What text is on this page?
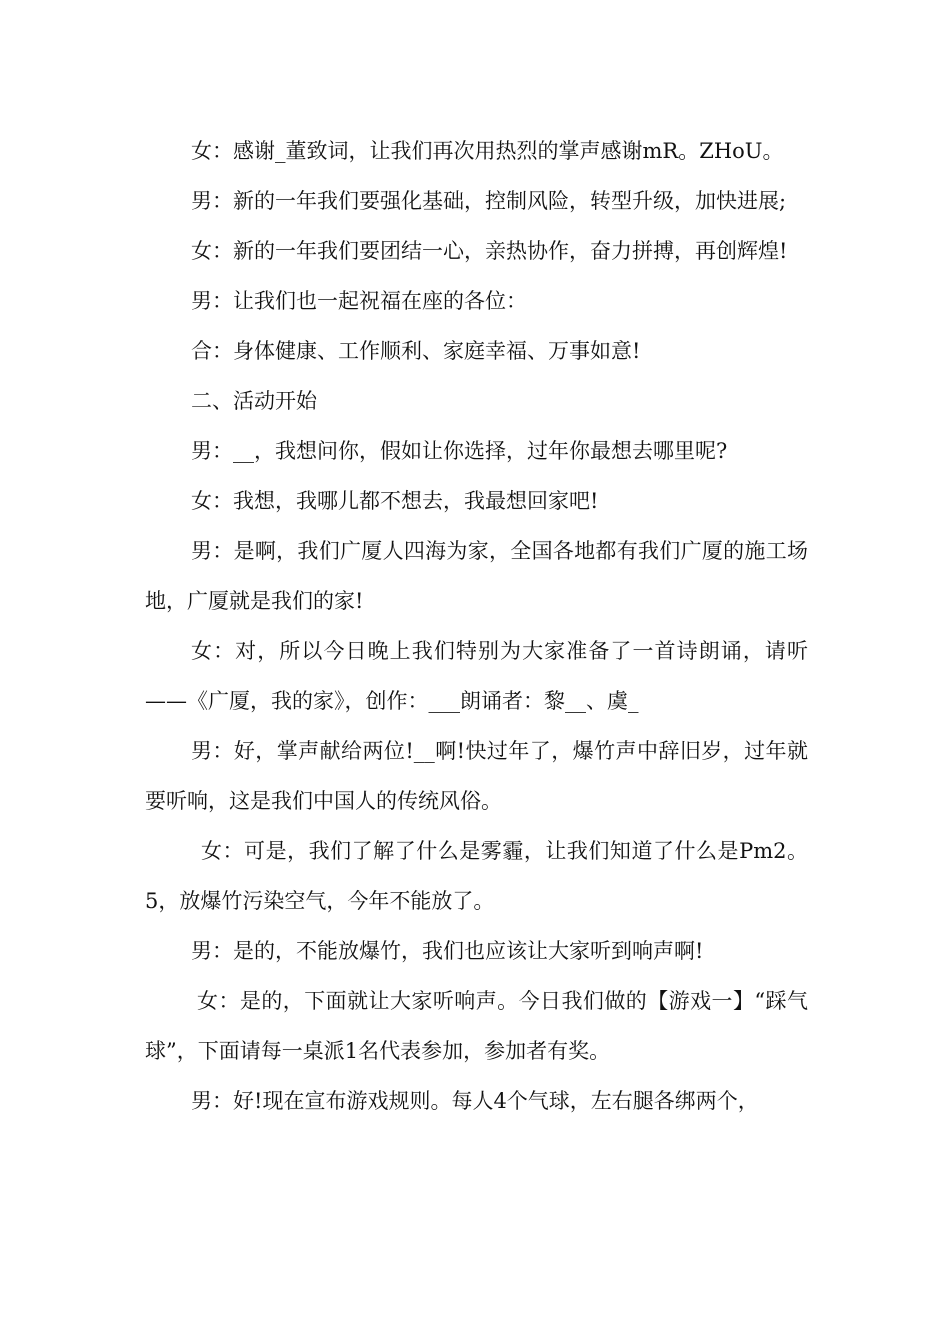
女：感谢_董致词，让我们再次用热烈的掌声感谢mR。ZHoU。

男：新的一年我们要强化基础，控制风险，转型升级，加快进展;

女：新的一年我们要团结一心，亲热协作，奋力拼搏，再创辉煌!

男：让我们也一起祝福在座的各位：

合：身体健康、工作顺利、家庭幸福、万事如意!

二、活动开始

男：__，我想问你，假如让你选择，过年你最想去哪里呢?

女：我想，我哪儿都不想去，我最想回家吧!

男：是啊，我们广厦人四海为家，全国各地都有我们广厦的施工场地，广厦就是我们的家!

女：对，所以今日晚上我们特别为大家准备了一首诗朗诵，请听——《广厦，我的家》，创作：___朗诵者：黎__、虞_

男：好，掌声献给两位!__啊!快过年了，爆竹声中辞旧岁，过年就要听响，这是我们中国人的传统风俗。

女：可是，我们了解了什么是雾霾，让我们知道了什么是Pm2。5，放爆竹污染空气，今年不能放了。

男：是的，不能放爆竹，我们也应该让大家听到响声啊!

女：是的，下面就让大家听响声。今日我们做的【游戏一】“踩气球”，下面请每一桌派1名代表参加，参加者有奖。

男：好!现在宣布游戏规则。每人4个气球，左右腿各绑两个，
